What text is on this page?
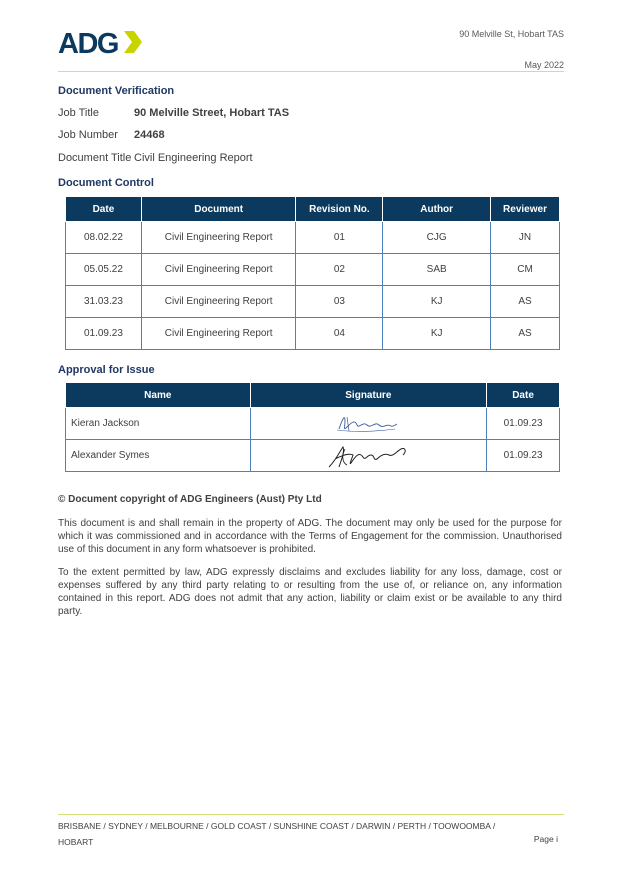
ADG	90 Melville St, Hobart TAS
May 2022
Document Verification
Job Title	90 Melville Street, Hobart TAS
Job Number 24468
Document Title Civil Engineering Report
Document Control
Date	Document	Revision No.	Author	Reviewer
08.02.22	Civil Engineering Report	01	CJG	JN
05.05.22	Civil Engineering Report	02	SAB	CM
31.03.23	Civil Engineering Report	03	KJ	AS
01.09.23	Civil Engineering Report	04	KJ	AS
Approval for Issue
Name	Signature	Date
Kieran Jackson		01.09.23
Alexander Symes		01.09.23
© Document copyright of ADG Engineers (Aust) Pty Ltd
This document is and shall remain in the property of ADG. The document may only be used for the purpose for which it was commissioned and in accordance with the Terms of Engagement for the commission. Unauthorised use of this document in any form whatsoever is prohibited.
To the extent permitted by law, ADG expressly disclaims and excludes liability for any loss, damage, cost or expenses suffered by any third party relating to or resulting from the use of, or reliance on, any information contained in this report. ADG does not admit that any action, liability or claim exist or be available to any third party.
BRISBANE / SYDNEY / MELBOURNE / GOLD COAST / SUNSHINE COAST / DARWIN / PERTH / TOOWOOMBA / HOBART	Page i
